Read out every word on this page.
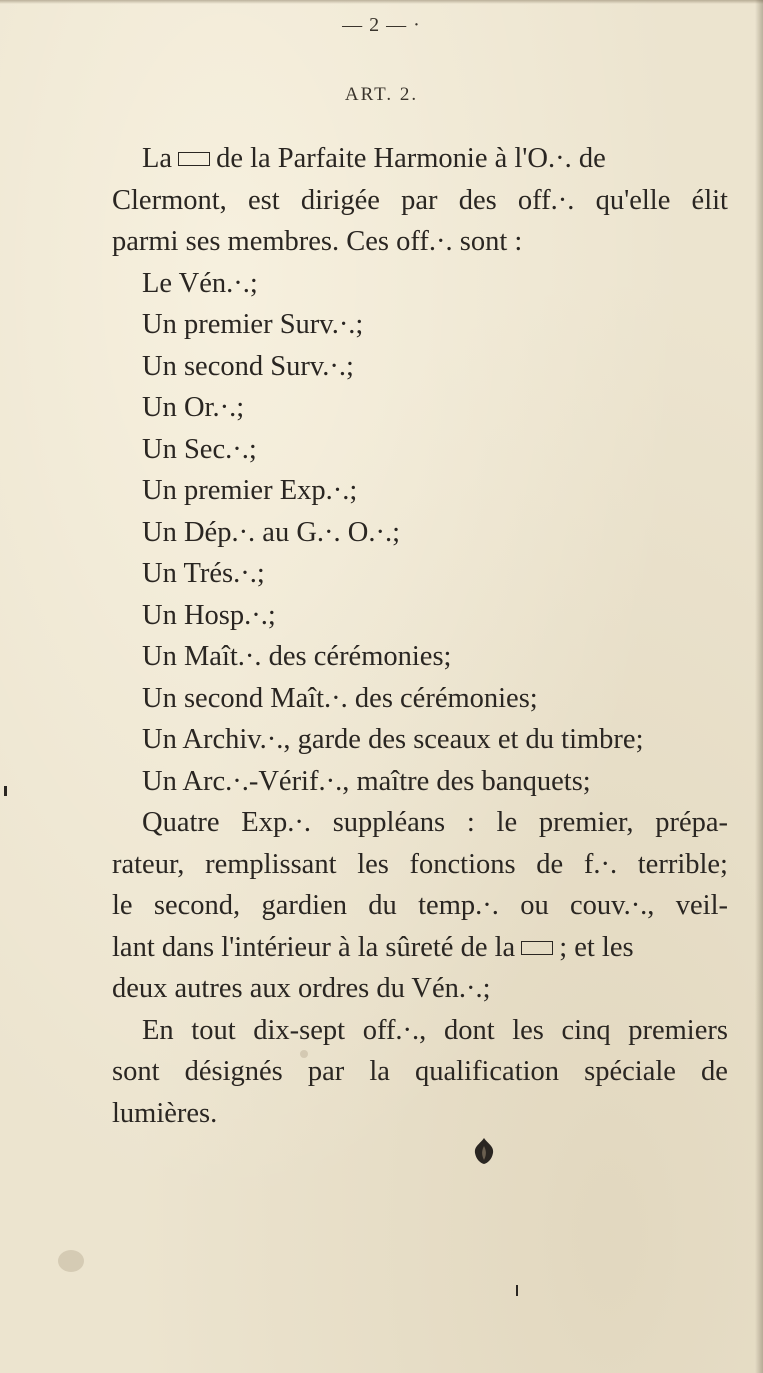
— 2 — ·
ART. 2.
La de la Parfaite Harmonie à l'O.·. de
Clermont, est dirigée par des off.·. qu'elle élit
parmi ses membres. Ces off.·. sont :
Le Vén.·.;
Un premier Surv.·.;
Un second Surv.·.;
Un Or.·.;
Un Sec.·.;
Un premier Exp.·.;
Un Dép.·. au G.·. O.·.;
Un Trés.·.;
Un Hosp.·.;
Un Maît.·. des cérémonies;
Un second Maît.·. des cérémonies;
Un Archiv.·., garde des sceaux et du timbre;
Un Arc.·.-Vérif.·., maître des banquets;
Quatre Exp.·. suppléans : le premier, prépa-
rateur, remplissant les fonctions de f.·. terrible;
le second, gardien du temp.·. ou couv.·., veil-
lant dans l'intérieur à la sûreté de la ; et les
deux autres aux ordres du Vén.·.;
En tout dix-sept off.·., dont les cinq premiers
sont désignés par la qualification spéciale de
lumières.
